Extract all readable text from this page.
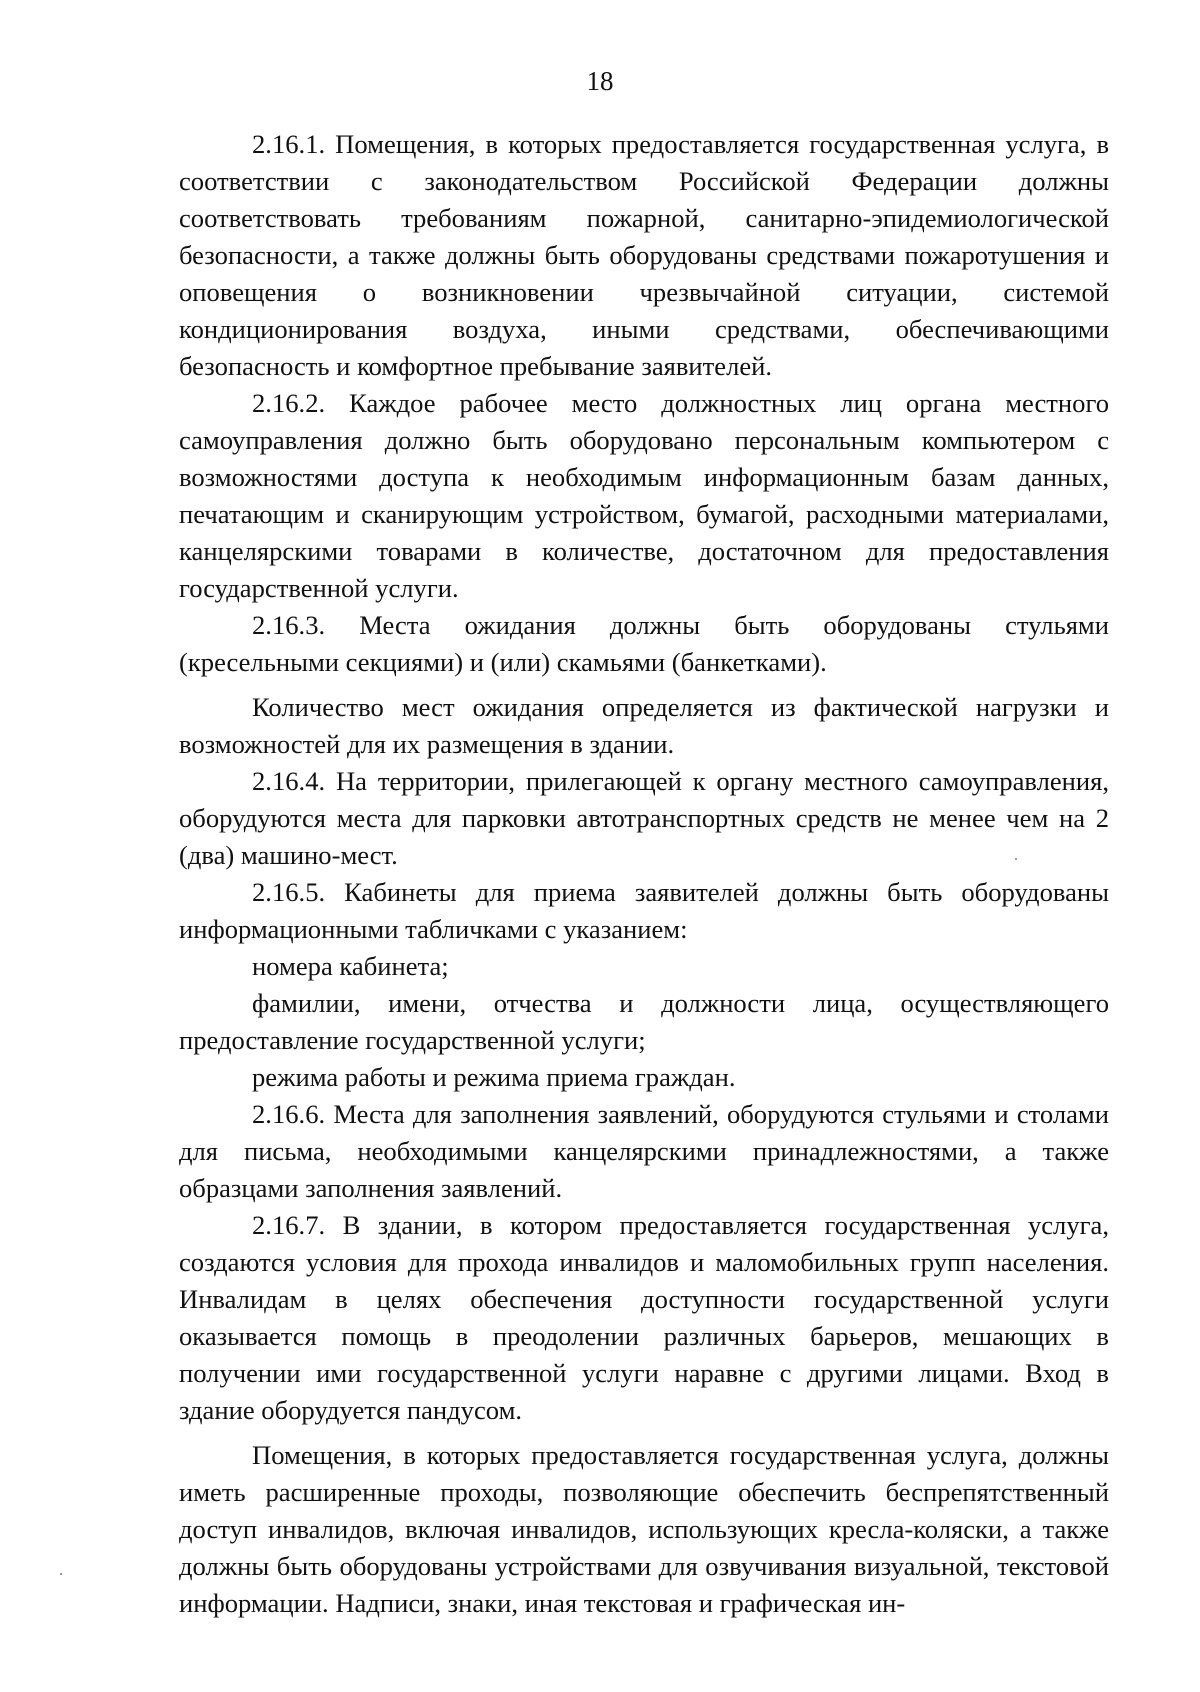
18

2.16.1. Помещения, в которых предоставляется государственная услуга, в соответствии с законодательством Российской Федерации должны соответствовать требованиям пожарной, санитарно-эпидемиологической безопасности, а также должны быть оборудованы средствами пожаротушения и оповещения о возникновении чрезвычайной ситуации, системой кондиционирования воздуха, иными средствами, обеспечивающими безопасность и комфортное пребывание заявителей.

2.16.2. Каждое рабочее место должностных лиц органа местного самоуправления должно быть оборудовано персональным компьютером с возможностями доступа к необходимым информационным базам данных, печатающим и сканирующим устройством, бумагой, расходными материалами, канцелярскими товарами в количестве, достаточном для предоставления государственной услуги.

2.16.3. Места ожидания должны быть оборудованы стульями (кресельными секциями) и (или) скамьями (банкетками).

Количество мест ожидания определяется из фактической нагрузки и возможностей для их размещения в здании.

2.16.4. На территории, прилегающей к органу местного самоуправления, оборудуются места для парковки автотранспортных средств не менее чем на 2 (два) машино-мест.

2.16.5. Кабинеты для приема заявителей должны быть оборудованы информационными табличками с указанием:

номера кабинета;

фамилии, имени, отчества и должности лица, осуществляющего предоставление государственной услуги;

режима работы и режима приема граждан.

2.16.6. Места для заполнения заявлений, оборудуются стульями и столами для письма, необходимыми канцелярскими принадлежностями, а также образцами заполнения заявлений.

2.16.7. В здании, в котором предоставляется государственная услуга, создаются условия для прохода инвалидов и маломобильных групп населения. Инвалидам в целях обеспечения доступности государственной услуги оказывается помощь в преодолении различных барьеров, мешающих в получении ими государственной услуги наравне с другими лицами. Вход в здание оборудуется пандусом.

Помещения, в которых предоставляется государственная услуга, должны иметь расширенные проходы, позволяющие обеспечить беспрепятственный доступ инвалидов, включая инвалидов, использующих кресла-коляски, а также должны быть оборудованы устройствами для озвучивания визуальной, текстовой информации. Надписи, знаки, иная текстовая и графическая ин-
